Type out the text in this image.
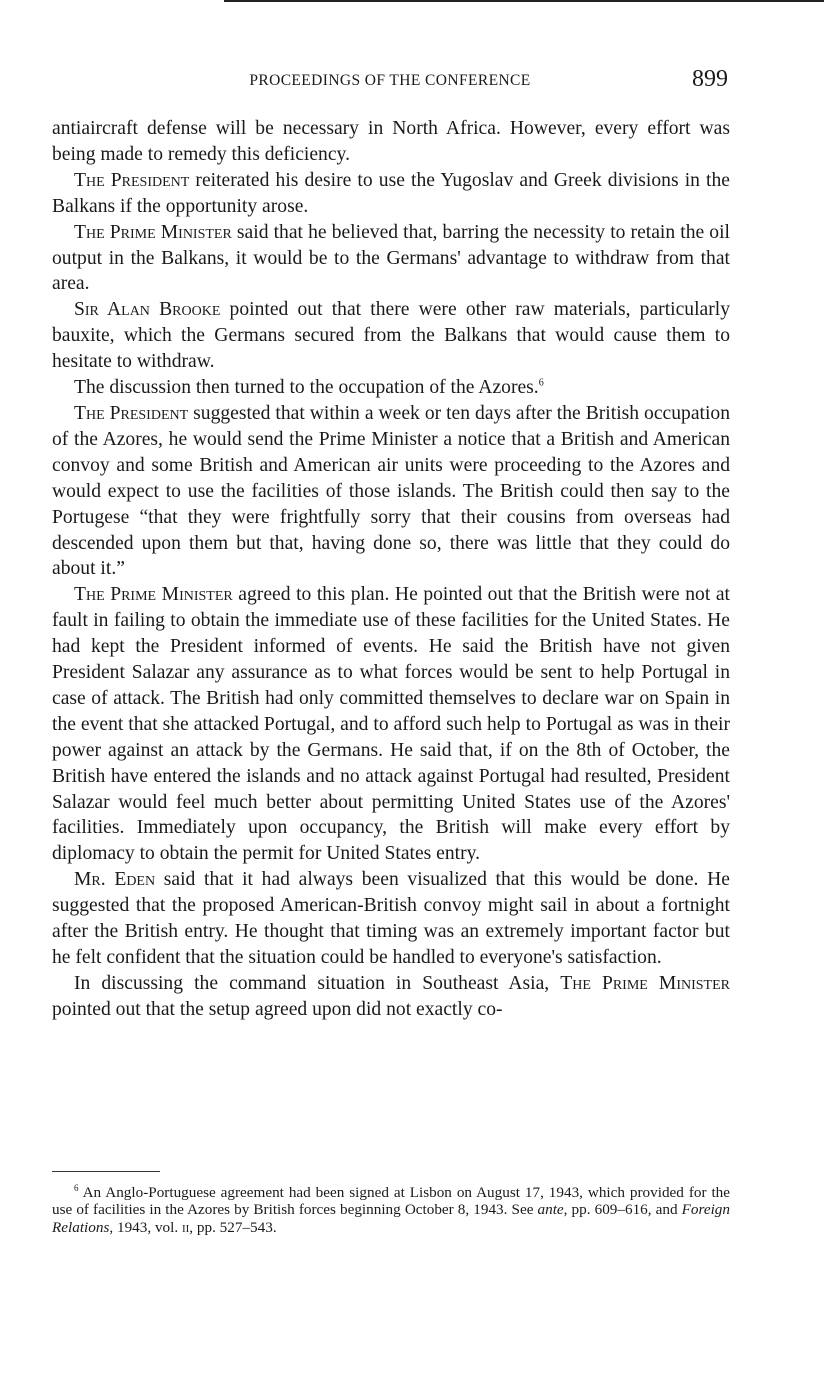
PROCEEDINGS OF THE CONFERENCE	899

antiaircraft defense will be necessary in North Africa. However, every effort was being made to remedy this deficiency.

The President reiterated his desire to use the Yugoslav and Greek divisions in the Balkans if the opportunity arose.

The Prime Minister said that he believed that, barring the necessity to retain the oil output in the Balkans, it would be to the Germans' advantage to withdraw from that area.

Sir Alan Brooke pointed out that there were other raw materials, particularly bauxite, which the Germans secured from the Balkans that would cause them to hesitate to withdraw.

The discussion then turned to the occupation of the Azores.$^6$

The President suggested that within a week or ten days after the British occupation of the Azores, he would send the Prime Minister a notice that a British and American convoy and some British and American air units were proceeding to the Azores and would expect to use the facilities of those islands. The British could then say to the Portugese “that they were frightfully sorry that their cousins from overseas had descended upon them but that, having done so, there was little that they could do about it.”

The Prime Minister agreed to this plan. He pointed out that the British were not at fault in failing to obtain the immediate use of these facilities for the United States. He had kept the President informed of events. He said the British have not given President Salazar any assurance as to what forces would be sent to help Portugal in case of attack. The British had only committed themselves to declare war on Spain in the event that she attacked Portugal, and to afford such help to Portugal as was in their power against an attack by the Germans. He said that, if on the 8th of October, the British have entered the islands and no attack against Portugal had resulted, President Salazar would feel much better about permitting United States use of the Azores' facilities. Immediately upon occupancy, the British will make every effort by diplomacy to obtain the permit for United States entry.

Mr. Eden said that it had always been visualized that this would be done. He suggested that the proposed American-British convoy might sail in about a fortnight after the British entry. He thought that timing was an extremely important factor but he felt confident that the situation could be handled to everyone's satisfaction.

In discussing the command situation in Southeast Asia, The Prime Minister pointed out that the setup agreed upon did not exactly co-

$^6$ An Anglo-Portuguese agreement had been signed at Lisbon on August 17, 1943, which provided for the use of facilities in the Azores by British forces beginning October 8, 1943. See ante, pp. 609–616, and Foreign Relations, 1943, vol. ii, pp. 527–543.
